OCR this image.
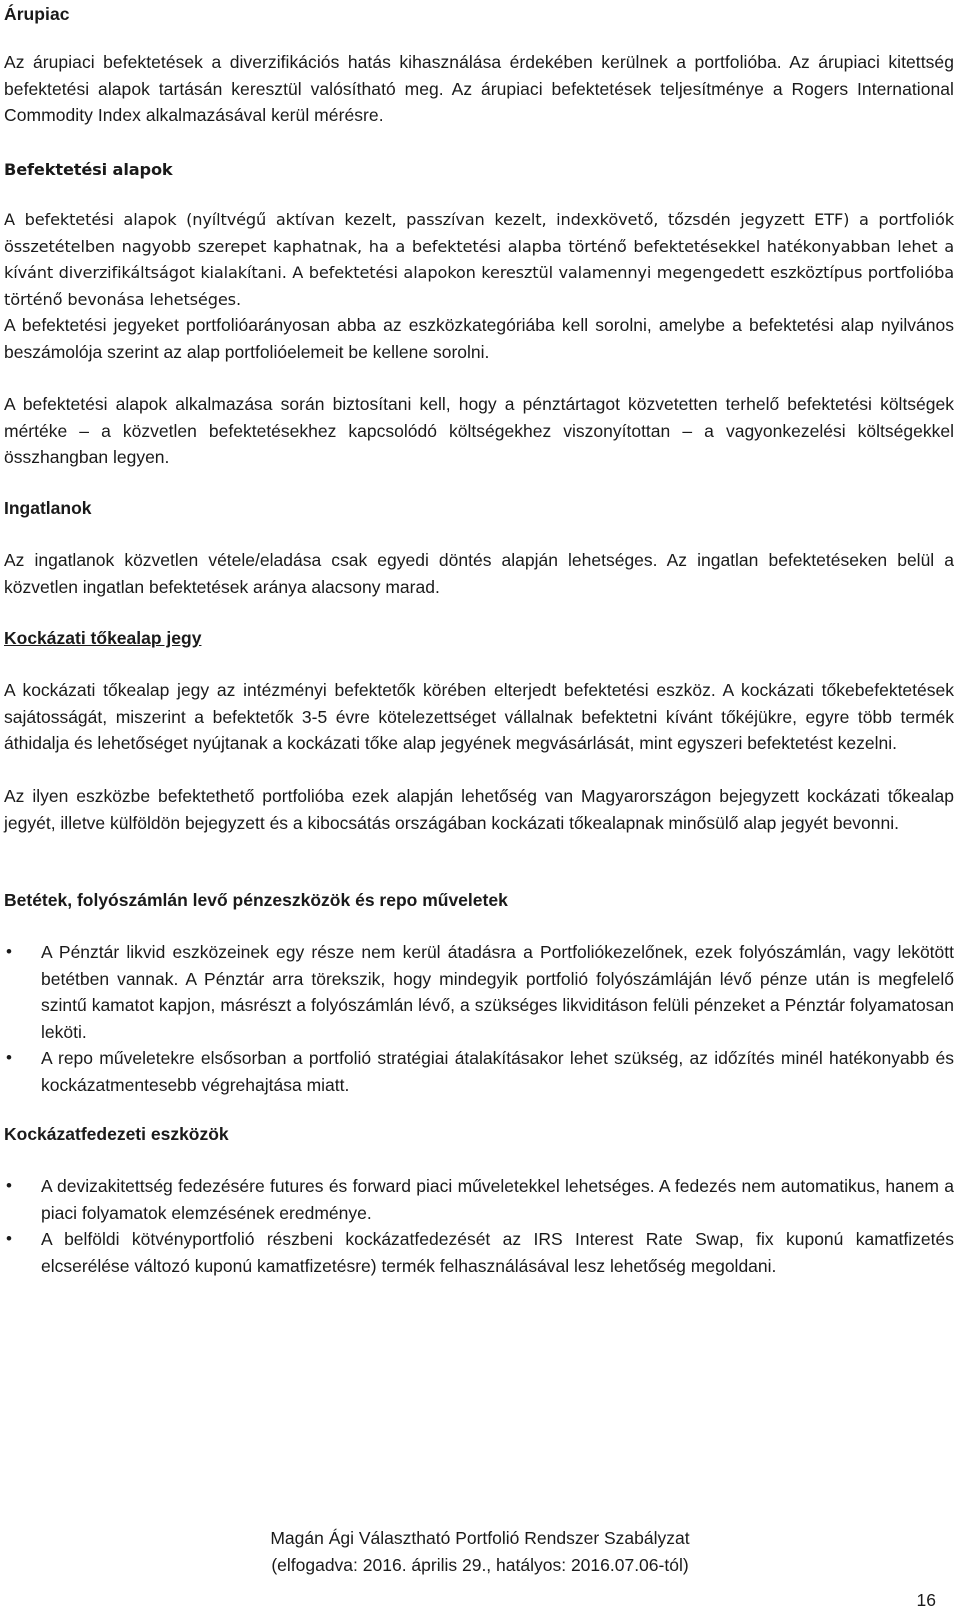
Árupiac

Az árupiaci befektetések a diverzifikációs hatás kihasználása érdekében kerülnek a portfolióba. Az árupiaci kitettség befektetési alapok tartásán keresztül valósítható meg. Az árupiaci befektetések teljesítménye a Rogers International Commodity Index alkalmazásával kerül mérésre.

Befektetési alapok

A befektetési alapok (nyíltvégű aktívan kezelt, passzívan kezelt, indexkövető, tőzsdén jegyzett ETF) a portfoliók összetételben nagyobb szerepet kaphatnak, ha a befektetési alapba történő befektetésekkel hatékonyabban lehet a kívánt diverzifikáltságot kialakítani. A befektetési alapokon keresztül valamennyi megengedett eszköztípus portfolióba történő bevonása lehetséges.

A befektetési jegyeket portfolióarányosan abba az eszközkategóriába kell sorolni, amelybe a befektetési alap nyilvános beszámolója szerint az alap portfolióelemeit be kellene sorolni.

A befektetési alapok alkalmazása során biztosítani kell, hogy a pénztártagot közvetetten terhelő befektetési költségek mértéke – a közvetlen befektetésekhez kapcsolódó költségekhez viszonyítottan – a vagyonkezelési költségekkel összhangban legyen.

Ingatlanok

Az ingatlanok közvetlen vétele/eladása csak egyedi döntés alapján lehetséges. Az ingatlan befektetéseken belül a közvetlen ingatlan befektetések aránya alacsony marad.

Kockázati tőkealap jegy

A kockázati tőkealap jegy az intézményi befektetők körében elterjedt befektetési eszköz. A kockázati tőkebefektetések sajátosságát, miszerint a befektetők 3-5 évre kötelezettséget vállalnak befektetni kívánt tőkéjükre, egyre több termék áthidalja és lehetőséget nyújtanak a kockázati tőke alap jegyének megvásárlását, mint egyszeri befektetést kezelni.

Az ilyen eszközbe befektethető portfolióba ezek alapján lehetőség van Magyarországon bejegyzett kockázati tőkealap jegyét, illetve külföldön bejegyzett és a kibocsátás országában kockázati tőkealapnak minősülő alap jegyét bevonni.

Betétek, folyószámlán levő pénzeszközök és repo műveletek
•	A Pénztár likvid eszközeinek egy része nem kerül átadásra a Portfoliókezelőnek, ezek folyószámlán, vagy lekötött betétben vannak. A Pénztár arra törekszik, hogy mindegyik portfolió folyószámláján lévő pénze után is megfelelő szintű kamatot kapjon, másrészt a folyószámlán lévő, a szükséges likviditáson felüli pénzeket a Pénztár folyamatosan leköti.
•	A repo műveletekre elsősorban a portfolió stratégiai átalakításakor lehet szükség, az időzítés minél hatékonyabb és kockázatmentesebb végrehajtása miatt.
Kockázatfedezeti eszközök
•	A devizakitettség fedezésére futures és forward piaci műveletekkel lehetséges. A fedezés nem automatikus, hanem a piaci folyamatok elemzésének eredménye.
•	A belföldi kötvényportfolió részbeni kockázatfedezését az IRS Interest Rate Swap, fix kuponú kamatfizetés elcserélése változó kuponú kamatfizetésre) termék felhasználásával lesz lehetőség megoldani.
Magán Ági Választható Portfolió Rendszer Szabályzat
(elfogadva: 2016. április 29., hatályos: 2016.07.06-tól)
16
